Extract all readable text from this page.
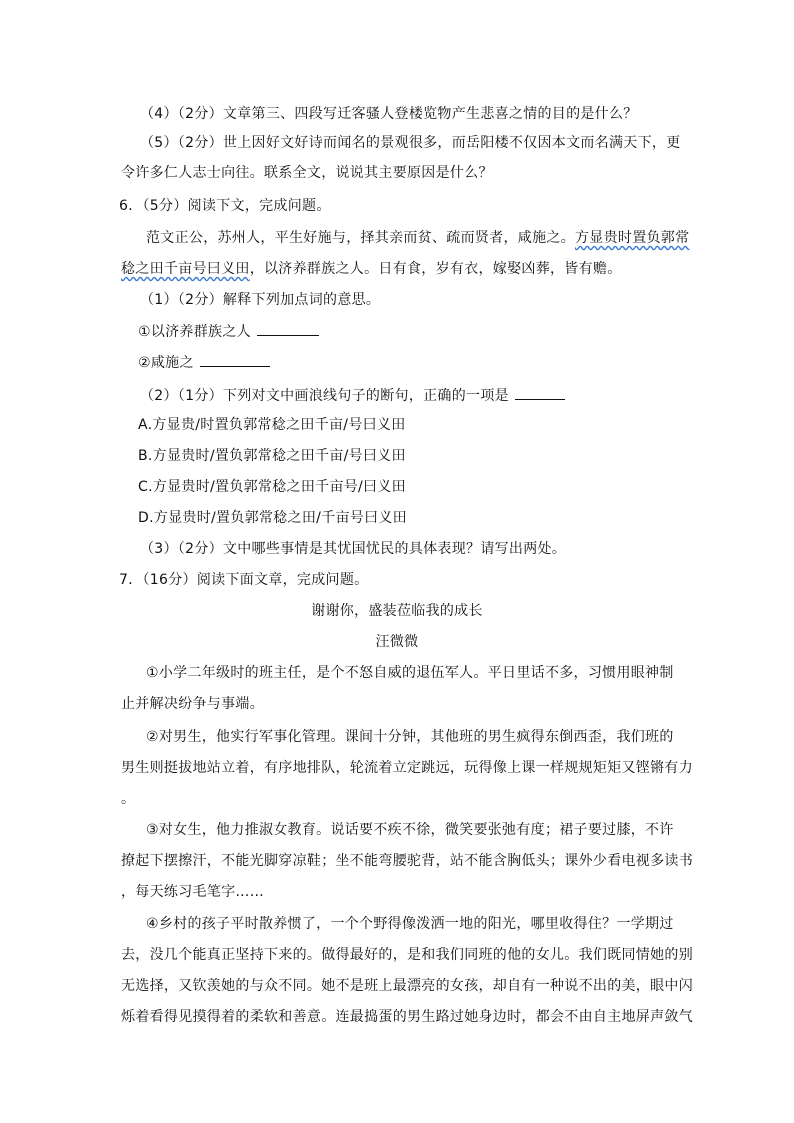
（4）（2分）文章第三、四段写迁客骚人登楼览物产生悲喜之情的目的是什么？
（5）（2分）世上因好文好诗而闻名的景观很多，而岳阳楼不仅因本文而名满天下，更
令许多仁人志士向往。联系全文，说说其主要原因是什么？
6．（5分）阅读下文，完成问题。
范文正公，苏州人，平生好施与，择其亲而贫、疏而贤者，咸施之。方显贵时置负郭常
稔之田千亩号曰义田，以济养群族之人。日有食，岁有衣，嫁娶凶葬，皆有赡。
（1）（2分）解释下列加点词的意思。
①以济养群族之人
②咸施之
（2）（1分）下列对文中画浪线句子的断句，正确的一项是
A.方显贵/时置负郭常稔之田千亩/号曰义田
B.方显贵时/置负郭常稔之田千亩/号曰义田
C.方显贵时/置负郭常稔之田千亩号/曰义田
D.方显贵时/置负郭常稔之田/千亩号曰义田
（3）（2分）文中哪些事情是其忧国忧民的具体表现？请写出两处。
7．（16分）阅读下面文章，完成问题。
谢谢你，盛装莅临我的成长
汪微微
①小学二年级时的班主任，是个不怒自威的退伍军人。平日里话不多，习惯用眼神制
止并解决纷争与事端。
②对男生，他实行军事化管理。课间十分钟，其他班的男生疯得东倒西歪，我们班的
男生则挺拔地站立着，有序地排队，轮流着立定跳远，玩得像上课一样规规矩矩又铿锵有力
。
③对女生，他力推淑女教育。说话要不疾不徐，微笑要张弛有度；裙子要过膝，不许
撩起下摆擦汗，不能光脚穿凉鞋；坐不能弯腰驼背，站不能含胸低头；课外少看电视多读书
，每天练习毛笔字……
④乡村的孩子平时散养惯了，一个个野得像泼洒一地的阳光，哪里收得住？一学期过
去，没几个能真正坚持下来的。做得最好的，是和我们同班的他的女儿。我们既同情她的别
无选择，又钦羡她的与众不同。她不是班上最漂亮的女孩，却自有一种说不出的美，眼中闪
烁着看得见摸得着的柔软和善意。连最捣蛋的男生路过她身边时，都会不由自主地屏声敛气
